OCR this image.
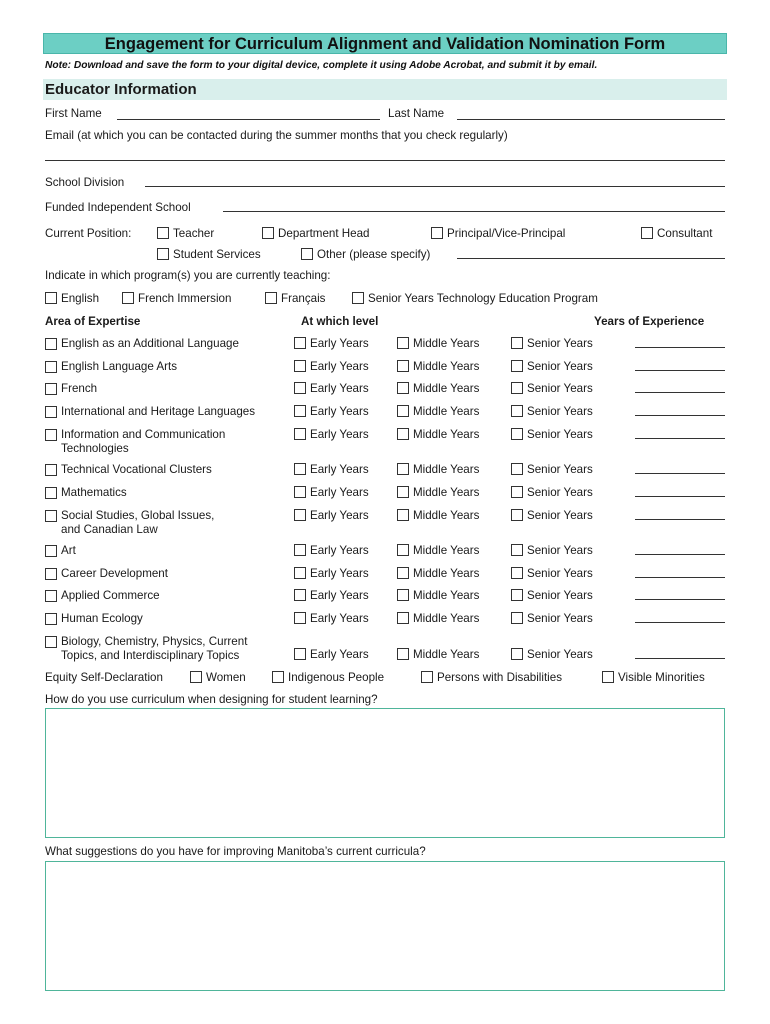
Engagement for Curriculum Alignment and Validation Nomination Form
Note: Download and save the form to your digital device, complete it using Adobe Acrobat, and submit it by email.
Educator Information
First Name	Last Name
Email (at which you can be contacted during the summer months that you check regularly)
School Division
Funded Independent School
Current Position:	Teacher	Department Head	Principal/Vice-Principal	Consultant
Student Services	Other (please specify)
Indicate in which program(s) you are currently teaching:
English	French Immersion	Français	Senior Years Technology Education Program
Area of Expertise	At which level	Years of Experience
English as an Additional Language	Early Years	Middle Years	Senior Years
English Language Arts	Early Years	Middle Years	Senior Years
French	Early Years	Middle Years	Senior Years
International and Heritage Languages	Early Years	Middle Years	Senior Years
Information and Communication
Technologies
Early Years	Middle Years	Senior Years
Technical Vocational Clusters	Early Years	Middle Years	Senior Years
Mathematics	Early Years	Middle Years	Senior Years
Social Studies, Global Issues,
and Canadian Law
Early Years	Middle Years	Senior Years
Art	Early Years	Middle Years	Senior Years
Career Development	Early Years	Middle Years	Senior Years
Applied Commerce	Early Years	Middle Years	Senior Years
Human Ecology	Early Years	Middle Years	Senior Years
Biology, Chemistry, Physics, Current
Topics, and Interdisciplinary Topics	Early Years	Middle Years	Senior Years
Equity Self-Declaration	Women	Indigenous People	Persons with Disabilities	Visible Minorities
How do you use curriculum when designing for student learning?
What suggestions do you have for improving Manitoba’s current curricula?
